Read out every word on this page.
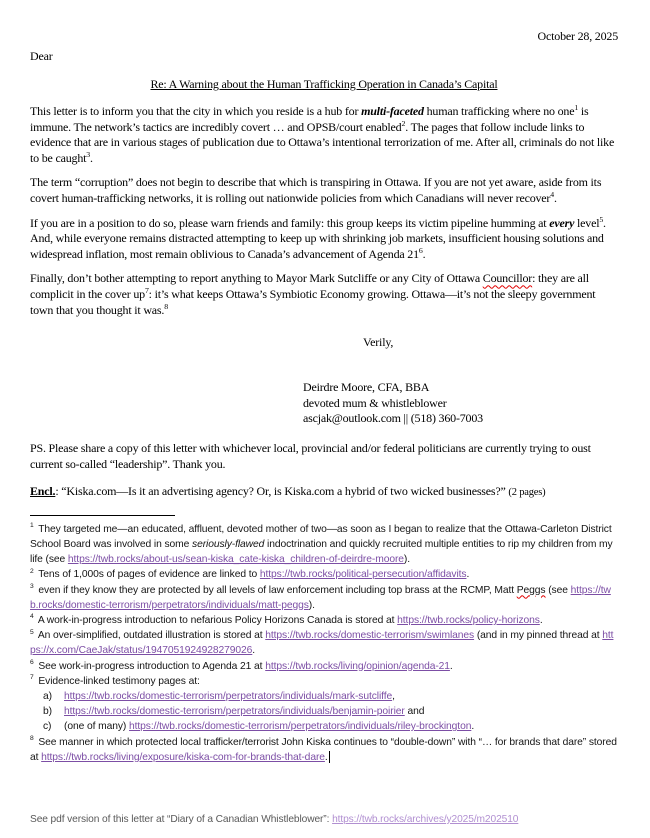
October 28, 2025
Dear
Re: A Warning about the Human Trafficking Operation in Canada’s Capital

This letter is to inform you that the city in which you reside is a hub for multi-faceted human trafficking where no one$^1$ is immune. The network’s tactics are incredibly covert … and OPSB/court enabled$^2$. The pages that follow include links to evidence that are in various stages of publication due to Ottawa’s intentional terrorization of me. After all, criminals do not like to be caught$^3$.

The term “corruption” does not begin to describe that which is transpiring in Ottawa. If you are not yet aware, aside from its covert human-trafficking networks, it is rolling out nationwide policies from which Canadians will never recover$^4$.

If you are in a position to do so, please warn friends and family: this group keeps its victim pipeline humming at every level$^5$. And, while everyone remains distracted attempting to keep up with shrinking job markets, insufficient housing solutions and widespread inflation, most remain oblivious to Canada’s advancement of Agenda $21^6$.

Finally, don’t bother attempting to report anything to Mayor Mark Sutcliffe or any City of Ottawa Councillor: they are all complicit in the cover $up^7$: it’s what keeps Ottawa’s Symbiotic Economy growing. Ottawa—it’s not the sleepy government town that you thought it was.$^8$

Verily,
Deirdre Moore, CFA, BBA
devoted mum & whistleblower
ascjak@outlook.com || (518) 360-7003
PS. Please share a copy of this letter with whichever local, provincial and/or federal politicians are currently trying to oust current so-called “leadership”. Thank you.
Encl.: “Kiska.com—Is it an advertising agency? Or, is Kiska.com a hybrid of two wicked businesses?” (2 pages)
$^1$ They targeted me—an educated, affluent, devoted mother of two—as soon as I began to realize that the Ottawa-Carleton District School Board was involved in some seriously-flawed indoctrination and quickly recruited multiple entities to rip my children from my life (see https://twb.rocks/about-us/sean-kiska_cate-kiska_children-of-deirdre-moore).
$^2$ Tens of 1,000s of pages of evidence are linked to https://twb.rocks/political-persecution/affidavits.
$^3$ even if they know they are protected by all levels of law enforcement including top brass at the RCMP, Matt Peggs (see https://twb.rocks/domestic-terrorism/perpetrators/individuals/matt-peggs).
$^4$ A work-in-progress introduction to nefarious Policy Horizons Canada is stored at https://twb.rocks/policy-horizons.
$^5$ An over-simplified, outdated illustration is stored at https://twb.rocks/domestic-terrorism/swimlanes (and in my pinned thread at https://x.com/CaeJak/status/1947051924928279026.
$^6$ See work-in-progress introduction to Agenda 21 at https://twb.rocks/living/opinion/agenda-21.
$^7$ Evidence-linked testimony pages at:
a) https://twb.rocks/domestic-terrorism/perpetrators/individuals/mark-sutcliffe,
b) https://twb.rocks/domestic-terrorism/perpetrators/individuals/benjamin-poirier and
c) (one of many) https://twb.rocks/domestic-terrorism/perpetrators/individuals/riley-brockington.
$^8$ See manner in which protected local trafficker/terrorist John Kiska continues to “double-down” with “… for brands that dare” stored at https://twb.rocks/living/exposure/kiska-com-for-brands-that-dare.
See pdf version of this letter at “Diary of a Canadian Whistleblower”: https://twb.rocks/archives/y2025/m202510
